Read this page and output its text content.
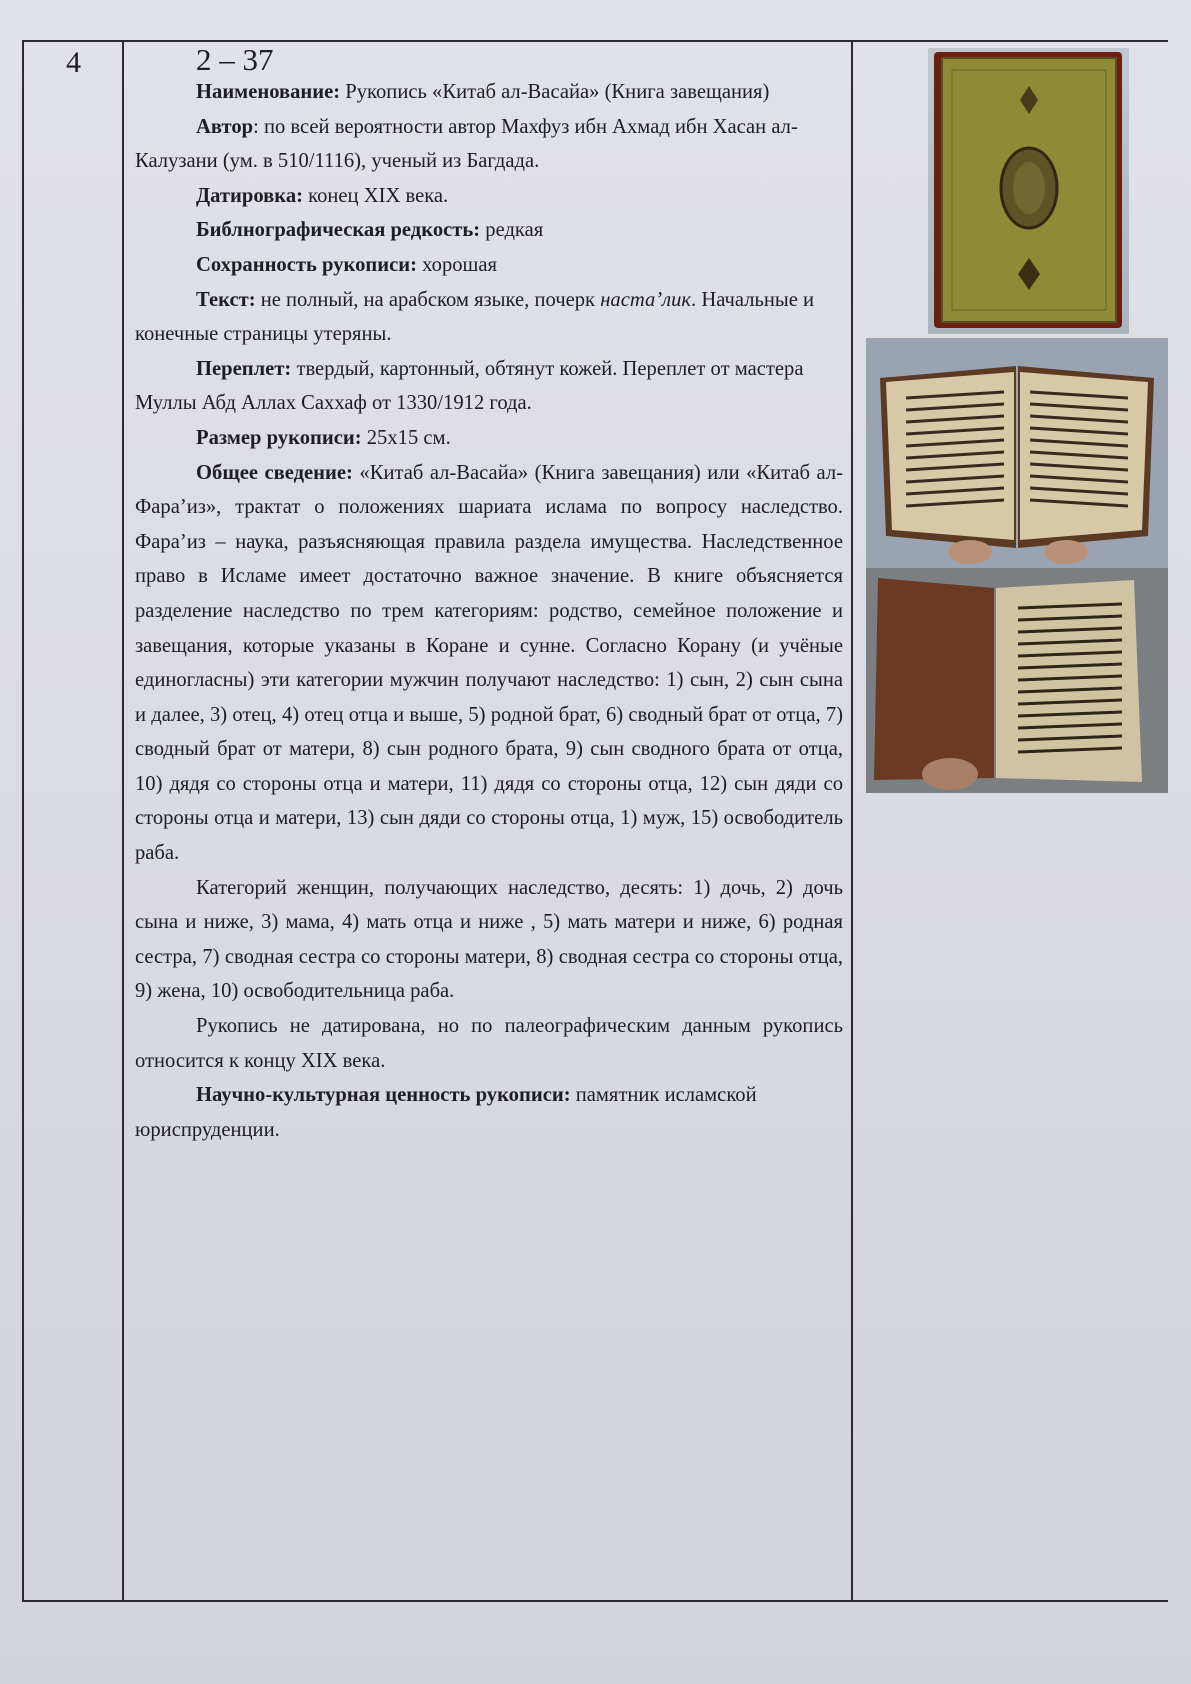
4	2 – 37

Наименование: Рукопись «Китаб ал-Васайа» (Книга завещания)

Автор: по всей вероятности автор Махфуз ибн Ахмад ибн Хасан ал-Калузани (ум. в 510/1116), ученый из Багдада.

Датировка: конец XIX века.

Библнографическая редкость: редкая

Сохранность рукописи: хорошая

Текст: не полный, на арабском языке, почерк наста’лик. Начальные и конечные страницы утеряны.

Переплет: твердый, картонный, обтянут кожей. Переплет от мастера Муллы Абд Аллах Саххаф от 1330/1912 года.

Размер рукописи: 25x15 см.

Общее сведение: «Китаб ал-Васайа» (Книга завещания) или «Китаб ал-Фара’из», трактат о положениях шариата ислама по вопросу наследство. Фара’из – наука, разъясняющая правила раздела имущества. Наследственное право в Исламе имеет достаточно важное значение. В книге объясняется разделение наследство по трем категориям: родство, семейное положение и завещания, которые указаны в Коране и сунне. Согласно Корану (и учёные единогласны) эти категории мужчин получают наследство: 1) сын, 2) сын сына и далее, 3) отец, 4) отец отца и выше, 5) родной брат, 6) сводный брат от отца, 7) сводный брат от матери, 8) сын родного брата, 9) сын сводного брата от отца, 10) дядя со стороны отца и матери, 11) дядя со стороны отца, 12) сын дяди со стороны отца и матери, 13) сын дяди со стороны отца, 1) муж, 15) освободитель раба.

Категорий женщин, получающих наследство, десять: 1) дочь, 2) дочь сына и ниже, 3) мама, 4) мать отца и ниже , 5) мать матери и ниже, 6) родная сестра, 7) сводная сестра со стороны матери, 8) сводная сестра со стороны отца, 9) жена, 10) освободительница раба.

Рукопись не датирована, но по палеографическим данным рукопись относится к концу XIX века.

Научно-культурная ценность рукописи: памятник исламской юриспруденции.
